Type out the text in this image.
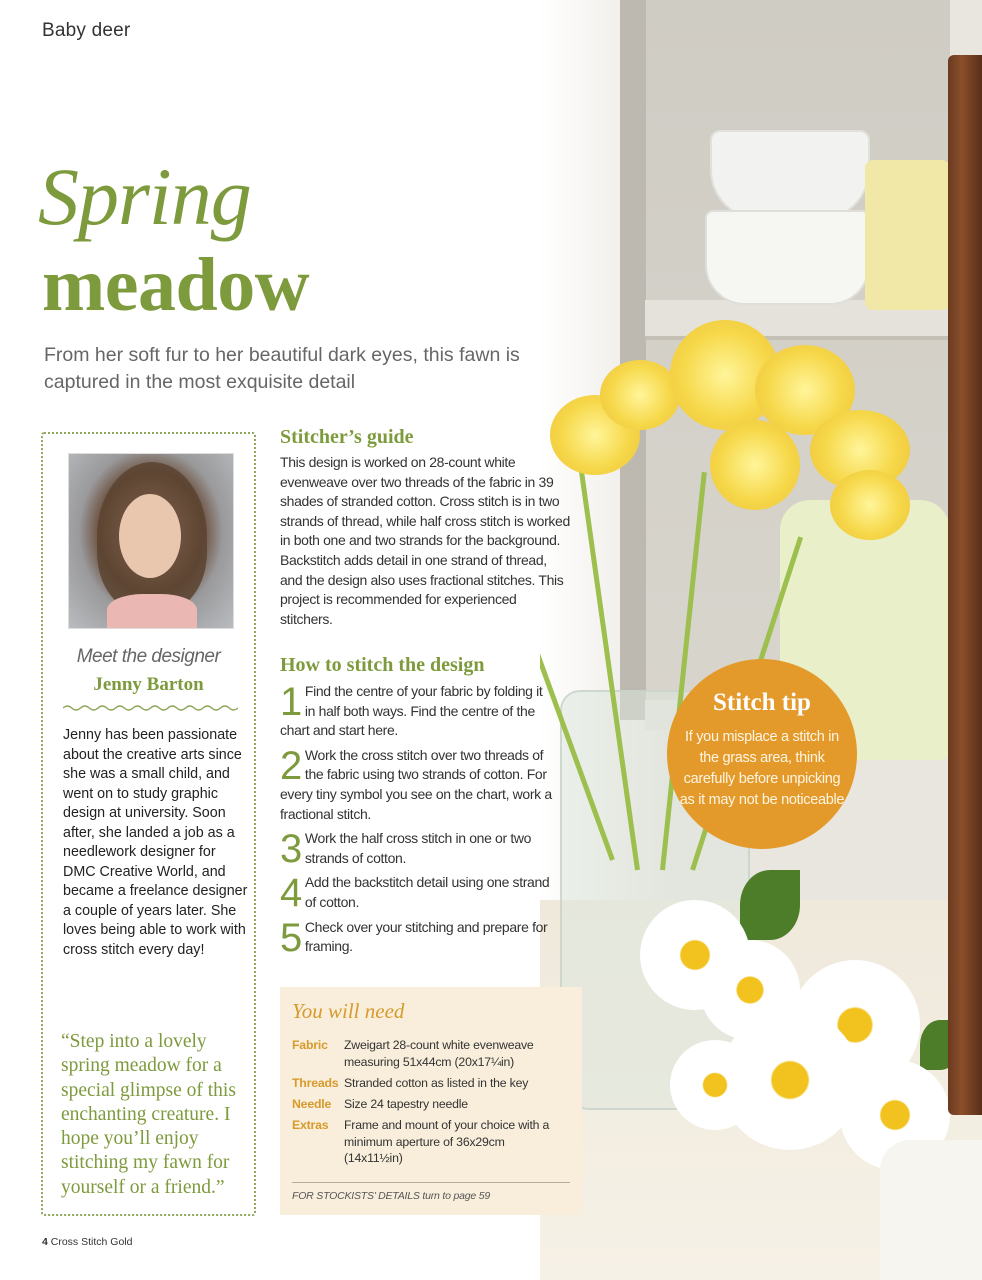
Baby deer
Spring
meadow
From her soft fur to her beautiful dark eyes, this fawn is captured in the most exquisite detail
Meet the designer
Jenny Barton
Jenny has been passionate about the creative arts since she was a small child, and went on to study graphic design at university. Soon after, she landed a job as a needlework designer for DMC Creative World, and became a freelance designer a couple of years later. She loves being able to work with cross stitch every day!
“Step into a lovely spring meadow for a special glimpse of this enchanting creature. I hope you’ll enjoy stitching my fawn for yourself or a friend.”
Stitcher’s guide
This design is worked on 28-count white evenweave over two threads of the fabric in 39 shades of stranded cotton. Cross stitch is in two strands of thread, while half cross stitch is worked in both one and two strands for the background. Backstitch adds detail in one strand of thread, and the design also uses fractional stitches. This project is recommended for experienced stitchers.
How to stitch the design
1 Find the centre of your fabric by folding it in half both ways. Find the centre of the chart and start here.
2 Work the cross stitch over two threads of the fabric using two strands of cotton. For every tiny symbol you see on the chart, work a fractional stitch.
3 Work the half cross stitch in one or two strands of cotton.
4 Add the backstitch detail using one strand of cotton.
5 Check over your stitching and prepare for framing.
You will need
Fabric Zweigart 28-count white evenweave measuring 51x44cm (20x17¼in)
Threads Stranded cotton as listed in the key
Needle Size 24 tapestry needle
Extras Frame and mount of your choice with a minimum aperture of 36x29cm (14x11½in)
FOR STOCKISTS’ DETAILS turn to page 59
Stitch tip
If you misplace a stitch in the grass area, think carefully before unpicking as it may not be noticeable
4 Cross Stitch Gold
